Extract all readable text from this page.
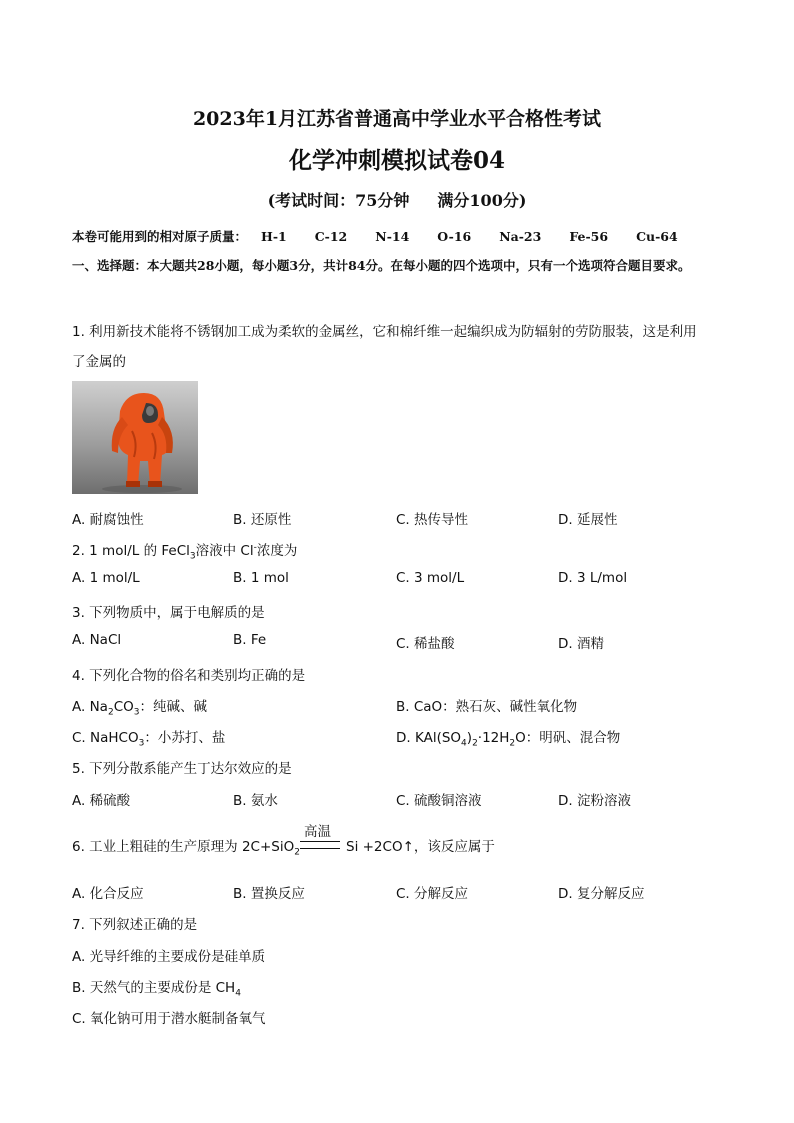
2023年1月江苏省普通高中学业水平合格性考试
化学冲刺模拟试卷04
(考试时间：75分钟 满分100分)
本卷可能用到的相对原子质量： H-1 C-12 N-14 O-16 Na-23 Fe-56 Cu-64
一、选择题：本大题共28小题，每小题3分，共计84分。在每小题的四个选项中，只有一个选项符合题目要求。
1. 利用新技术能将不锈钢加工成为柔软的金属丝，它和棉纤维一起编织成为防辐射的劳防服装，这是利用
了金属的
A. 耐腐蚀性	B. 还原性	C. 热传导性	D. 延展性
2. 1 mol/L 的 FeCl$_3$溶液中 Cl-浓度为
A. 1 mol/L	B. 1 mol	C. 3 mol/L	D. 3 L/mol
3. 下列物质中，属于电解质的是
A. NaCl	B. Fe	C. 稀盐酸	D. 酒精
4. 下列化合物的俗名和类别均正确的是
A. $Na_2CO_3$：纯碱、碱	B. CaO：熟石灰、碱性氧化物
C. NaHCO$_3$：小苏打、盐	D. $KAl(SO_4)_2\cdot 12H_2O$：明矾、混合物
5. 下列分散系能产生丁达尔效应的是
A. 稀硫酸	B. 氨水	C. 硫酸铜溶液	D. 淀粉溶液
6. 工业上粗硅的生产原理为 2C+SiO$_2$
高温
Si +2CO↑，该反应属于
A. 化合反应	B. 置换反应	C. 分解反应	D. 复分解反应
7. 下列叙述正确的是
A. 光导纤维的主要成份是硅单质
B. 天然气的主要成份是 $CH_4$
C. 氧化钠可用于潜水艇制备氧气
